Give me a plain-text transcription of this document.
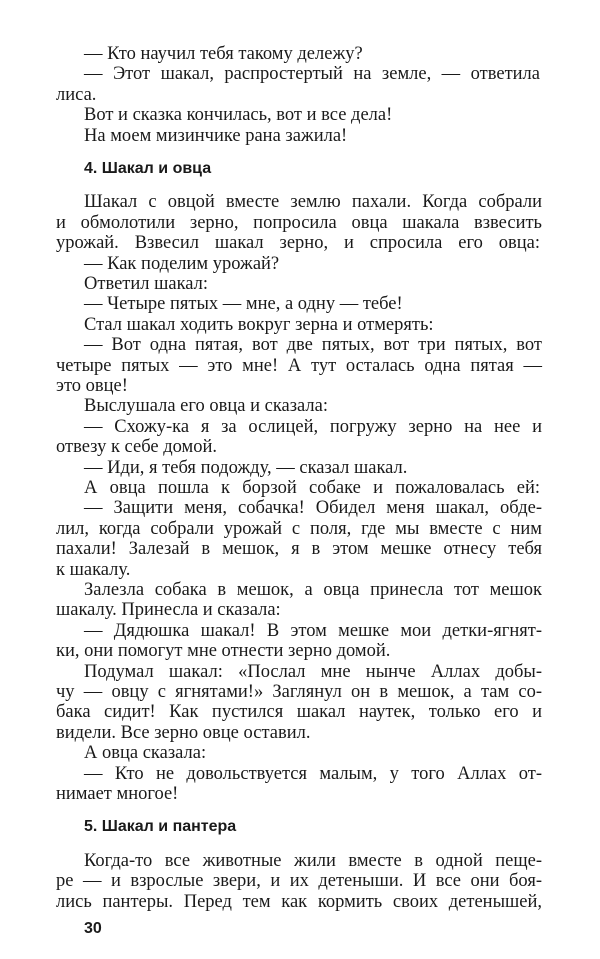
— Кто научил тебя такому дележу?

— Этот шакал, распростертый на земле, — ответила

лиса.

Вот и сказка кончилась, вот и все дела!

На моем мизинчике рана зажила!

4. Шакал и овца

Шакал с овцой вместе землю пахали. Когда собрали

и обмолотили зерно, попросила овца шакала взвесить

урожай. Взвесил шакал зерно, и спросила его овца:

— Как поделим урожай?

Ответил шакал:

— Четыре пятых — мне, а одну — тебе!

Стал шакал ходить вокруг зерна и отмерять:

— Вот одна пятая, вот две пятых, вот три пятых, вот

четыре пятых — это мне! А тут осталась одна пятая —

это овце!

Выслушала его овца и сказала:

— Схожу-ка я за ослицей, погружу зерно на нее и

отвезу к себе домой.

— Иди, я тебя подожду, — сказал шакал.

А овца пошла к борзой собаке и пожаловалась ей:

— Защити меня, собачка! Обидел меня шакал, обде-

лил, когда собрали урожай с поля, где мы вместе с ним

пахали! Залезай в мешок, я в этом мешке отнесу тебя

к шакалу.

Залезла собака в мешок, а овца принесла тот мешок

шакалу. Принесла и сказала:

— Дядюшка шакал! В этом мешке мои детки-ягнят-

ки, они помогут мне отнести зерно домой.

Подумал шакал: «Послал мне нынче Аллах добы-

чу — овцу с ягнятами!» Заглянул он в мешок, а там со-

бака сидит! Как пустился шакал наутек, только его и

видели. Все зерно овце оставил.

А овца сказала:

— Кто не довольствуется малым, у того Аллах от-

нимает многое!

5. Шакал и пантера

30

Когда-то все животные жили вместе в одной пеще-

ре — и взрослые звери, и их детеныши. И все они боя-

лись пантеры. Перед тем как кормить своих детенышей,
